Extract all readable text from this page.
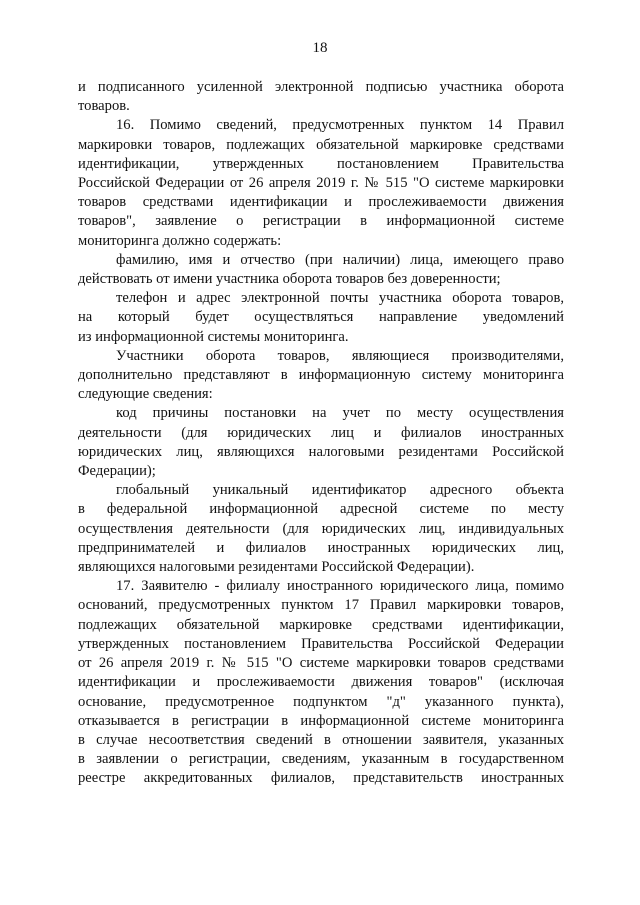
18
и подписанного усиленной электронной подписью участника оборота
товаров.
16. Помимо сведений, предусмотренных пунктом 14 Правил
маркировки товаров, подлежащих обязательной маркировке средствами
идентификации, утвержденных постановлением Правительства
Российской Федерации от 26 апреля 2019 г. № 515 "О системе маркировки
товаров средствами идентификации и прослеживаемости движения
товаров", заявление о регистрации в информационной системе
мониторинга должно содержать:
фамилию, имя и отчество (при наличии) лица, имеющего право
действовать от имени участника оборота товаров без доверенности;
телефон и адрес электронной почты участника оборота товаров,
на который будет осуществляться направление уведомлений
из информационной системы мониторинга.
Участники оборота товаров, являющиеся производителями,
дополнительно представляют в информационную систему мониторинга
следующие сведения:
код причины постановки на учет по месту осуществления
деятельности (для юридических лиц и филиалов иностранных
юридических лиц, являющихся налоговыми резидентами Российской
Федерации);
глобальный уникальный идентификатор адресного объекта
в федеральной информационной адресной системе по месту
осуществления деятельности (для юридических лиц, индивидуальных
предпринимателей и филиалов иностранных юридических лиц,
являющихся налоговыми резидентами Российской Федерации).
17. Заявителю - филиалу иностранного юридического лица, помимо
оснований, предусмотренных пунктом 17 Правил маркировки товаров,
подлежащих обязательной маркировке средствами идентификации,
утвержденных постановлением Правительства Российской Федерации
от 26 апреля 2019 г. № 515 "О системе маркировки товаров средствами
идентификации и прослеживаемости движения товаров" (исключая
основание, предусмотренное подпунктом "д" указанного пункта),
отказывается в регистрации в информационной системе мониторинга
в случае несоответствия сведений в отношении заявителя, указанных
в заявлении о регистрации, сведениям, указанным в государственном
реестре аккредитованных филиалов, представительств иностранных
